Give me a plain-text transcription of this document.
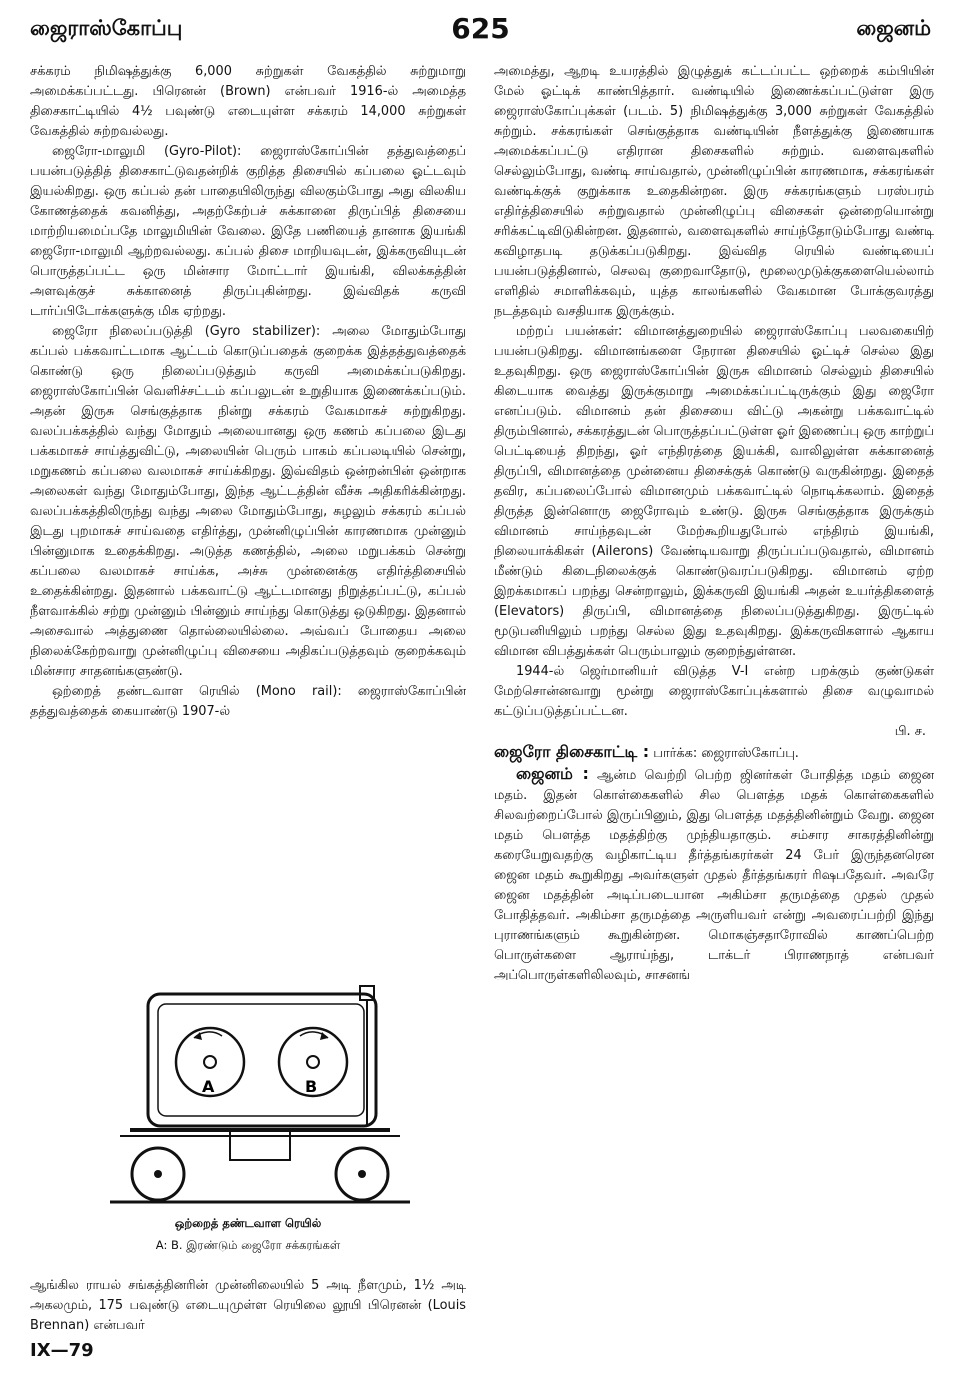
ஜைராஸ்கோப்பு	625	ஜைனம்

சக்கரம் நிமிஷத்துக்கு 6,000 சுற்றுகள் வேகத்தில் சுற்றுமாறு அமைக்கப்பட்டது. பிரெனன் (Brown) என்பவர் 1916-ல் அமைத்த திசைகாட்டியில் 4½ பவுண்டு எடையுள்ள சக்கரம் 14,000 சுற்றுகள் வேகத்தில் சுற்றவல்லது.

ஜைரோ-மாலுமி (Gyro-Pilot): ஜைராஸ்கோப்பின் தத்துவத்தைப் பயன்படுத்தித் திசைகாட்டுவதன்றிக் குறித்த திசையில் கப்பலை ஓட்டவும் இயல்கிறது. ஒரு கப்பல் தன் பாதையிலிருந்து விலகும்போது அது விலகிய கோணத்தைக் கவனித்து, அதற்கேற்பச் சுக்கானை திருப்பித் திசையை மாற்றியமைப்பதே மாலுமியின் வேலை. இதே பணியைத் தானாக இயங்கி ஜைரோ-மாலுமி ஆற்றவல்லது. கப்பல் திசை மாறியவுடன், இக்கருவியுடன் பொருத்தப்பட்ட ஒரு மின்சார மோட்டார் இயங்கி, விலக்கத்தின் அளவுக்குச் சுக்கானைத் திருப்புகின்றது. இவ்விதக் கருவி டார்ப்பிடோக்களுக்கு மிக ஏற்றது.

ஜைரோ நிலைப்படுத்தி (Gyro stabilizer): அலை மோதும்போது கப்பல் பக்கவாட்டமாக ஆட்டம் கொடுப்பதைக் குறைக்க இத்தத்துவத்தைக் கொண்டு ஒரு நிலைப்படுத்தும் கருவி அமைக்கப்படுகிறது. ஜைராஸ்கோப்பின் வெளிச்சட்டம் கப்பலுடன் உறுதியாக இணைக்கப்படும். அதன் இருசு செங்குத்தாக நின்று சக்கரம் வேகமாகச் சுற்றுகிறது. வலப்பக்கத்தில் வந்து மோதும் அலையானது ஒரு கணம் கப்பலை இடது பக்கமாகச் சாய்த்துவிட்டு, அலையின் பெரும் பாகம் கப்பலடியில் சென்று, மறுகணம் கப்பலை வலமாகச் சாய்க்கிறது. இவ்விதம் ஒன்றன்பின் ஒன்றாக அலைகள் வந்து மோதும்போது, இந்த ஆட்டத்தின் வீச்சு அதிகரிக்கின்றது. வலப்பக்கத்திலிருந்து வந்து அலை மோதும்போது, சுழலும் சக்கரம் கப்பல் இடது புறமாகச் சாய்வதை எதிர்த்து, முன்னிழுப்பின் காரணமாக முன்னும் பின்னுமாக உதைக்கிறது. அடுத்த கணத்தில், அலை மறுபக்கம் சென்று கப்பலை வலமாகச் சாய்க்க, அச்சு முன்னைக்கு எதிர்த்திசையில் உதைக்கின்றது. இதனால் பக்கவாட்டு ஆட்டமானது நிறுத்தப்பட்டு, கப்பல் நீளவாக்கில் சற்று முன்னும் பின்னும் சாய்ந்து கொடுத்து ஒடுகிறது. இதனால் அசைவால் அத்துணை தொல்லையில்லை. அவ்வப் போதைய அலை நிலைக்கேற்றவாறு முன்னிழுப்பு விசையை அதிகப்படுத்தவும் குறைக்கவும் மின்சார சாதனங்களுண்டு.

ஒற்றைத் தண்டவாள ரெயில் (Mono rail): ஜைராஸ்கோப்பின் தத்துவத்தைக் கையாண்டு 1907-ல்

A	B
ஒற்றைத் தண்டவாள ரெயில்
A: B. இரண்டும் ஜைரோ சக்கரங்கள்

ஆங்கில ராயல் சங்கத்தினரின் முன்னிலையில் 5 அடி நீளமும், 1½ அடி அகலமும், 175 பவுண்டு எடையுமுள்ள ரெயிலை லூயி பிரெனன் (Louis Brennan) என்பவர்

அமைத்து, ஆறடி உயரத்தில் இழுத்துக் கட்டப்பட்ட ஒற்றைக் கம்பியின் மேல் ஓட்டிக் காண்பித்தார். வண்டியில் இணைக்கப்பட்டுள்ள இரு ஜைராஸ்கோப்புக்கள் (படம். 5) நிமிஷத்துக்கு 3,000 சுற்றுகள் வேகத்தில் சுற்றும். சக்கரங்கள் செங்குத்தாக வண்டியின் நீளத்துக்கு இணையாக அமைக்கப்பட்டு எதிரான திசைகளில் சுற்றும். வளைவுகளில் செல்லும்போது, வண்டி சாய்வதால், முன்னிழுப்பின் காரணமாக, சக்கரங்கள் வண்டிக்குக் குறுக்காக உதைகின்றன. இரு சக்கரங்களும் பரஸ்பரம் எதிர்த்திசையில் சுற்றுவதால் முன்னிழுப்பு விசைகள் ஒன்றையொன்று சரிக்கட்டிவிடுகின்றன. இதனால், வளைவுகளில் சாய்ந்தோடும்போது வண்டி கவிழாதபடி தடுக்கப்படுகிறது. இவ்வித ரெயில் வண்டியைப் பயன்படுத்தினால், செலவு குறைவாதோடு, மூலைமுடுக்குகளையெல்லாம் எளிதில் சமாளிக்கவும், யுத்த காலங்களில் வேகமான போக்குவரத்து நடத்தவும் வசதியாக இருக்கும்.

மற்றப் பயன்கள்: விமானத்துறையில் ஜைராஸ்கோப்பு பலவகையிற் பயன்படுகிறது. விமானங்களை நேரான திசையில் ஓட்டிச் செல்ல இது உதவுகிறது. ஒரு ஜைராஸ்கோப்பின் இருசு விமானம் செல்லும் திசையில் கிடையாக வைத்து இருக்குமாறு அமைக்கப்பட்டிருக்கும் இது ஜைரோ எனப்படும். விமானம் தன் திசையை விட்டு அகன்று பக்கவாட்டில் திரும்பினால், சக்கரத்துடன் பொருத்தப்பட்டுள்ள ஓர் இணைப்பு ஒரு காற்றுப் பெட்டியைத் திறந்து, ஓர் எந்திரத்தை இயக்கி, வாலிலுள்ள சுக்கானைத் திருப்பி, விமானத்தை முன்னைய திசைக்குக் கொண்டு வருகின்றது. இதைத் தவிர, கப்பலைப்போல் விமானமும் பக்கவாட்டில் நொடிக்கலாம். இதைத் திருத்த இன்னொரு ஜைரோவும் உண்டு. இருசு செங்குத்தாக இருக்கும் விமானம் சாய்ந்தவுடன் மேற்கூறியதுபோல் எந்திரம் இயங்கி, நிலையாக்கிகள் (Ailerons) வேண்டியவாறு திருப்பப்படுவதால், விமானம் மீண்டும் கிடைநிலைக்குக் கொண்டுவரப்படுகிறது. விமானம் ஏற்ற இறக்கமாகப் பறந்து சென்றாலும், இக்கருவி இயங்கி அதன் உயர்த்திகளைத் (Elevators) திருப்பி, விமானத்தை நிலைப்படுத்துகிறது. இருட்டில் மூடுபனியிலும் பறந்து செல்ல இது உதவுகிறது. இக்கருவிகளால் ஆகாய விமான விபத்துக்கள் பெரும்பாலும் குறைந்துள்ளன.

1944-ல் ஜெர்மானியர் விடுத்த V-I என்ற பறக்கும் குண்டுகள் மேற்சொன்னவாறு மூன்று ஜைராஸ்கோப்புக்களால் திசை வழுவாமல் கட்டுப்படுத்தப்பட்டன.

பி. ச.

ஜைரோ திசைகாட்டி : பார்க்க: ஜைராஸ்கோப்பு.

ஜைனம் : ஆன்ம வெற்றி பெற்ற ஜினர்கள் போதித்த மதம் ஜைன மதம். இதன் கொள்கைகளில் சில பௌத்த மதக் கொள்கைகளில் சிலவற்றைப்போல் இருப்பினும், இது பௌத்த மதத்தினின்றும் வேறு. ஜைன மதம் பௌத்த மதத்திற்கு முந்தியதாகும். சம்சார சாகரத்தினின்று கரையேறுவதற்கு வழிகாட்டிய தீர்த்தங்கரர்கள் 24 பேர் இருந்தனரென ஜைன மதம் கூறுகிறது அவர்களுள் முதல் தீர்த்தங்கரர் ரிஷபதேவர். அவரே ஜைன மதத்தின் அடிப்படையான அகிம்சா தருமத்தை முதல் முதல் போதித்தவர். அகிம்சா தருமத்தை அருளியவர் என்று அவரைப்பற்றி இந்து புராணங்களும் கூறுகின்றன. மொகஞ்சதாரோவில் காணப்பெற்ற பொருள்களை ஆராய்ந்து, டாக்டர் பிராணநாத் என்பவர் அப்பொருள்களிலிலவும், சாசனங்

IX—79
